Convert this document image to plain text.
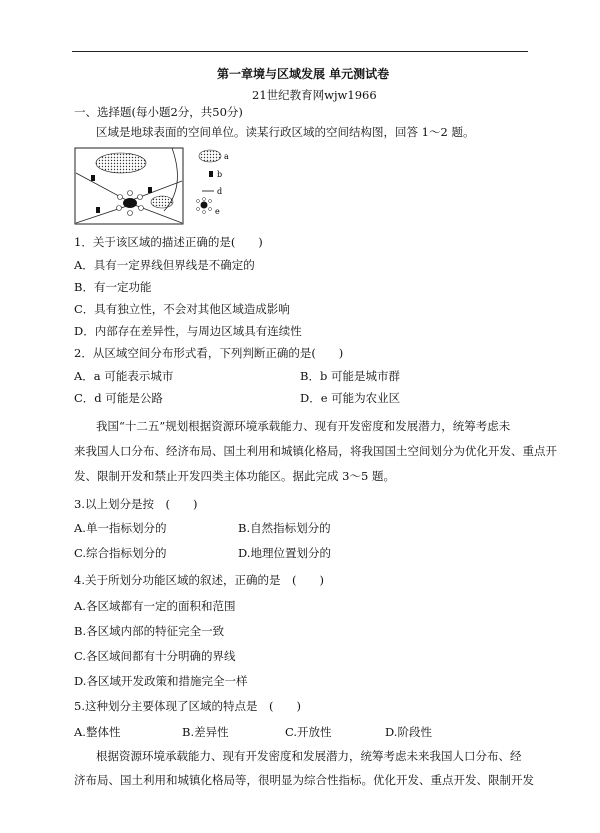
第一章境与区域发展 单元测试卷
21世纪教育网wjw1966
一、选择题(每小题2分，共50分)
区域是地球表面的空间单位。读某行政区域的空间结构图，回答 1～2 题。
a
b
d
e
1．关于该区域的描述正确的是(　　)
A．具有一定界线但界线是不确定的
B．有一定功能
C．具有独立性，不会对其他区域造成影响
D．内部存在差异性，与周边区域具有连续性
2．从区域空间分布形式看，下列判断正确的是(　　)
A．a 可能表示城市	B．b 可能是城市群
C．d 可能是公路	D．e 可能为农业区
我国“十二五”规划根据资源环境承载能力、现有开发密度和发展潜力，统筹考虑未
来我国人口分布、经济布局、国土利用和城镇化格局，将我国国土空间划分为优化开发、重点开
发、限制开发和禁止开发四类主体功能区。据此完成 3～5 题。
3.以上划分是按　(　　)
A.单一指标划分的	B.自然指标划分的
C.综合指标划分的	D.地理位置划分的
4.关于所划分功能区域的叙述，正确的是　(　　)
A.各区域都有一定的面积和范围
B.各区域内部的特征完全一致
C.各区域间都有十分明确的界线
D.各区域开发政策和措施完全一样
5.这种划分主要体现了区域的特点是　(　　)
A.整体性	B.差异性	C.开放性	D.阶段性
根据资源环境承载能力、现有开发密度和发展潜力，统筹考虑未来我国人口分布、经
济布局、国土利用和城镇化格局等，很明显为综合性指标。优化开发、重点开发、限制开发
